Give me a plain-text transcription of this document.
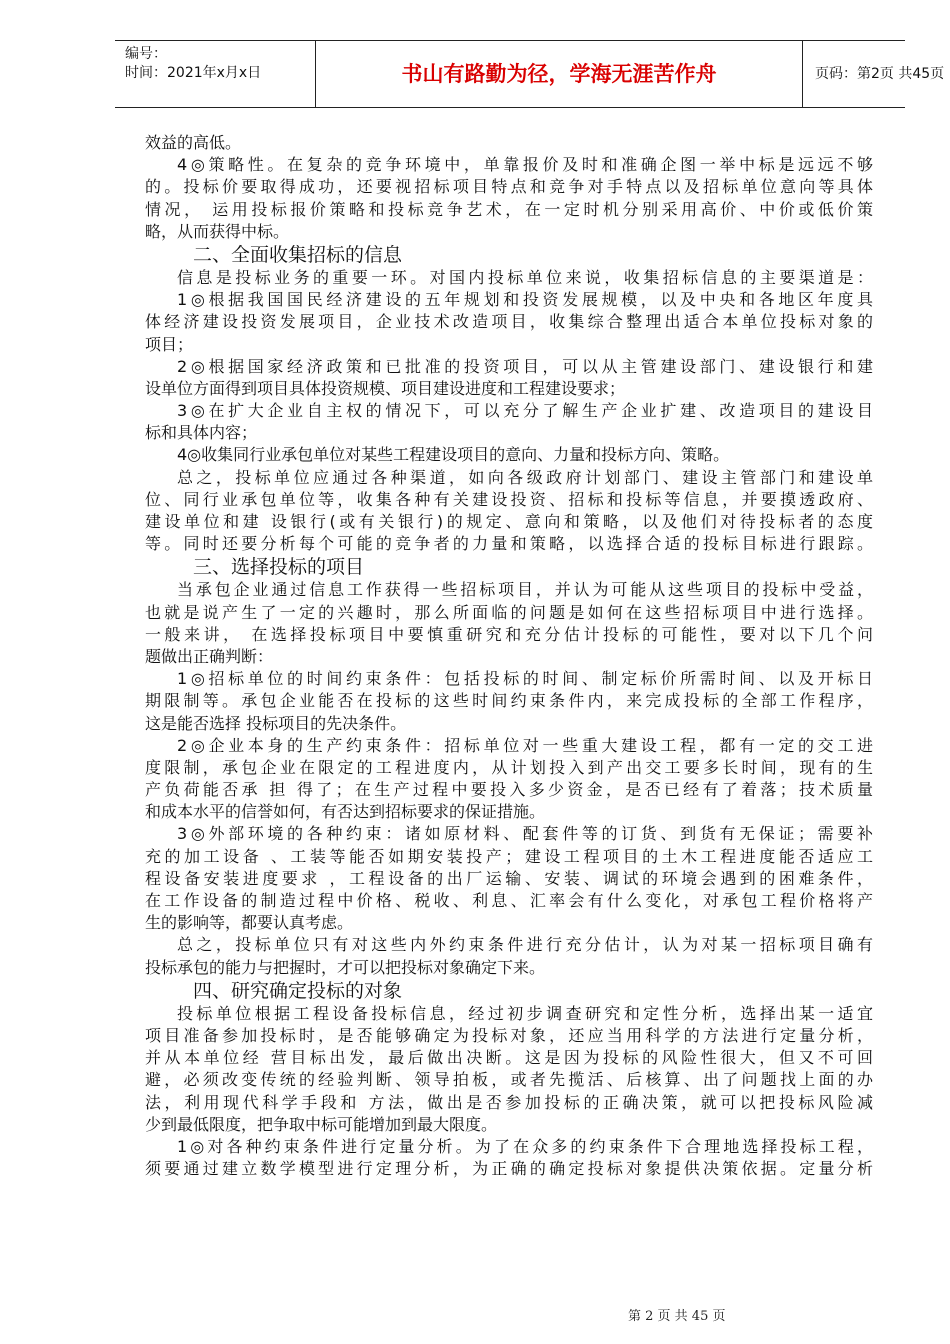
编号：
时间：2021年x月x日	书山有路勤为径，学海无涯苦作舟	页码：第2页 共45页
效益的高低。
4◎策略性。在复杂的竞争环境中，单靠报价及时和准确企图一举中标是远远不够
的。投标价要取得成功，还要视招标项目特点和竞争对手特点以及招标单位意向等具体
情况， 运用投标报价策略和投标竞争艺术，在一定时机分别采用高价、中价或低价策
略，从而获得中标。
二、全面收集招标的信息
信息是投标业务的重要一环。对国内投标单位来说，收集招标信息的主要渠道是：
1◎根据我国国民经济建设的五年规划和投资发展规模，以及中央和各地区年度具
体经济建设投资发展项目，企业技术改造项目，收集综合整理出适合本单位投标对象的
项目；
2◎根据国家经济政策和已批准的投资项目，可以从主管建设部门、建设银行和建
设单位方面得到项目具体投资规模、项目建设进度和工程建设要求；
3◎在扩大企业自主权的情况下，可以充分了解生产企业扩建、改造项目的建设目
标和具体内容；
4◎收集同行业承包单位对某些工程建设项目的意向、力量和投标方向、策略。
总之，投标单位应通过各种渠道，如向各级政府计划部门、建设主管部门和建设单
位、同行业承包单位等，收集各种有关建设投资、招标和投标等信息，并要摸透政府、
建设单位和建 设银行(或有关银行)的规定、意向和策略，以及他们对待投标者的态度
等。同时还要分析每个可能的竞争者的力量和策略，以选择合适的投标目标进行跟踪。
三、选择投标的项目
当承包企业通过信息工作获得一些招标项目，并认为可能从这些项目的投标中受益，
也就是说产生了一定的兴趣时，那么所面临的问题是如何在这些招标项目中进行选择。
一般来讲， 在选择投标项目中要慎重研究和充分估计投标的可能性，要对以下几个问
题做出正确判断：
1◎招标单位的时间约束条件：包括投标的时间、制定标价所需时间、以及开标日
期限制等。承包企业能否在投标的这些时间约束条件内，来完成投标的全部工作程序，
这是能否选择 投标项目的先决条件。
2◎企业本身的生产约束条件：招标单位对一些重大建设工程，都有一定的交工进
度限制，承包企业在限定的工程进度内，从计划投入到产出交工要多长时间，现有的生
产负荷能否承 担 得了；在生产过程中要投入多少资金，是否已经有了着落；技术质量
和成本水平的信誉如何，有否达到招标要求的保证措施。
3◎外部环境的各种约束：诸如原材料、配套件等的订货、到货有无保证；需要补
充的加工设备 、工装等能否如期安装投产；建设工程项目的土木工程进度能否适应工
程设备安装进度要求 ，工程设备的出厂运输、安装、调试的环境会遇到的困难条件，
在工作设备的制造过程中价格、税收、利息、汇率会有什么变化，对承包工程价格将产
生的影响等，都要认真考虑。
总之，投标单位只有对这些内外约束条件进行充分估计，认为对某一招标项目确有
投标承包的能力与把握时，才可以把投标对象确定下来。
四、研究确定投标的对象
投标单位根据工程设备投标信息，经过初步调查研究和定性分析，选择出某一适宜
项目准备参加投标时，是否能够确定为投标对象，还应当用科学的方法进行定量分析，
并从本单位经 营目标出发，最后做出决断。这是因为投标的风险性很大，但又不可回
避，必须改变传统的经验判断、领导拍板，或者先揽活、后核算、出了问题找上面的办
法，利用现代科学手段和 方法，做出是否参加投标的正确决策，就可以把投标风险减
少到最低限度，把争取中标可能增加到最大限度。
1◎对各种约束条件进行定量分析。为了在众多的约束条件下合理地选择投标工程，
须要通过建立数学模型进行定理分析，为正确的确定投标对象提供决策依据。定量分析
第 2 页 共 45 页
